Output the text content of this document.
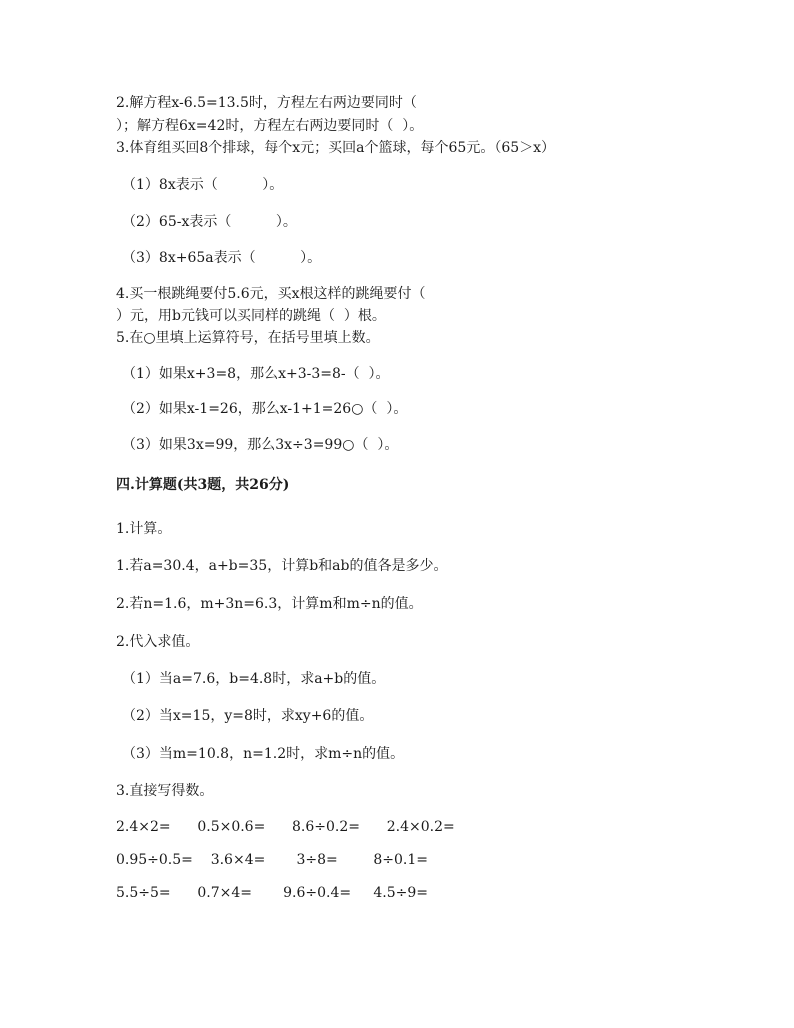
2.解方程x-6.5=13.5时，方程左右两边要同时（
）；解方程6x=42时，方程左右两边要同时（  ）。
3.体育组买回8个排球，每个x元；买回a个篮球，每个65元。（65＞x）
（1）8x表示（          ）。
（2）65-x表示（          ）。
（3）8x+65a表示（          ）。
4.买一根跳绳要付5.6元，买x根这样的跳绳要付（
）元，用b元钱可以买同样的跳绳（  ）根。
5.在○里填上运算符号，在括号里填上数。
（1）如果x+3=8，那么x+3-3=8-（  ）。
（2）如果x-1=26，那么x-1+1=26○（  ）。
（3）如果3x=99，那么3x÷3=99○（  ）。
四.计算题(共3题，共26分)
1.计算。
1.若a=30.4，a+b=35，计算b和ab的值各是多少。
2.若n=1.6，m+3n=6.3，计算m和m÷n的值。
2.代入求值。
（1）当a=7.6，b=4.8时，求a+b的值。
（2）当x=15，y=8时，求xy+6的值。
（3）当m=10.8，n=1.2时，求m÷n的值。
3.直接写得数。
2.4×2=      0.5×0.6=      8.6÷0.2=      2.4×0.2=
0.95÷0.5=    3.6×4=       3÷8=        8÷0.1=
5.5÷5=      0.7×4=       9.6÷0.4=     4.5÷9=
